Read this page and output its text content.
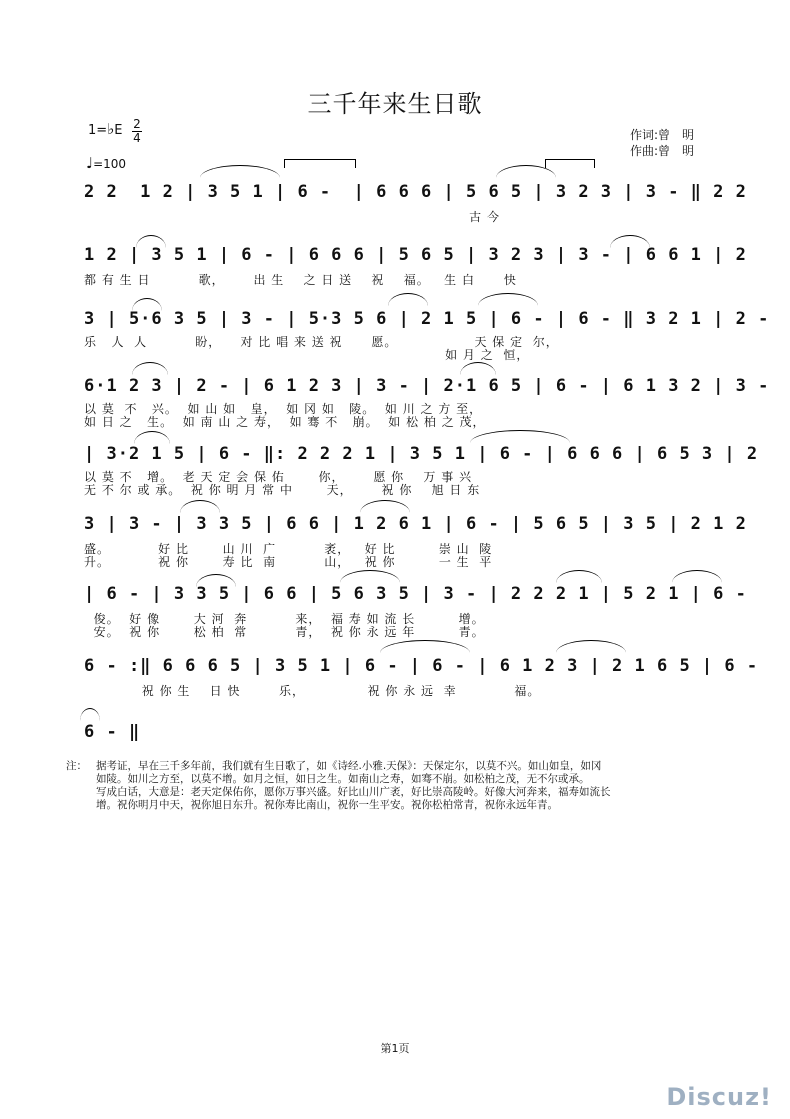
三千年来生日歌
1=♭E 2
4
♩=100
作词:曾　明
作曲:曾　明
2 2  1 2 | 3 5 1 | 6 -  | 6 6 6 | 5 6 5 | 3 2 3 | 3 - ‖ 2 2
古 今
1 2 | 3 5 1 | 6 - | 6 6 6 | 5 6 5 | 3 2 3 | 3 - | 6 6 1 | 2
都 有 生 日          歌，      出 生    之 日 送    祝    福。   生 白      快
3 | 5·6 3 5 | 3 - | 5·3 5 6 | 2 1 5 | 6 - | 6 - ‖ 3 2 1 | 2 -
乐   人  人          盼，    对 比 唱 来 送 祝      愿。                天 保 定  尔，
如 月 之  恒，
6·1 2 3 | 2 - | 6 1 2 3 | 3 - | 2·1 6 5 | 6 - | 6 1 3 2 | 3 -
以 莫  不   兴。  如 山 如   皇，  如 冈 如   陵。  如 川 之 方 至，
如 日 之   生。  如 南 山 之 寿，  如 骞 不   崩。  如 松 柏 之 茂，
| 3·2 1 5 | 6 - ‖: 2 2 2 1 | 3 5 1 | 6 - | 6 6 6 | 6 5 3 | 2
以 莫 不   增。  老 天 定 会 保 佑       你，      愿 你    万 事 兴
无 不 尔 或 承。  祝 你 明 月 常 中       天，      祝 你    旭 日 东
3 | 3 - | 3 3 5 | 6 6 | 1 2 6 1 | 6 - | 5 6 5 | 3 5 | 2 1 2
盛。          好 比       山 川  广          袤，   好 比         崇 山  陵
升。          祝 你       寿 比  南          山，   祝 你         一 生  平
| 6 - | 3 3 5 | 6 6 | 5 6 3 5 | 3 - | 2 2 2 1 | 5 2 1 | 6 -
俊。  好 像       大 河  奔          来，  福 寿 如 流 长         增。
安。  祝 你       松 柏  常          青，  祝 你 永 远 年         青。
6 - :‖ 6 6 6 5 | 3 5 1 | 6 - | 6 - | 6 1 2 3 | 2 1 6 5 | 6 -
祝 你 生    日 快        乐，             祝 你 永 远  幸            福。
6 - ‖
注： 据考证，早在三千多年前，我们就有生日歌了，如《诗经.小雅.天保》：天保定尔，以莫不兴。如山如皇，如冈
如陵。如川之方至，以莫不增。如月之恒，如日之生。如南山之寿，如骞不崩。如松柏之茂，无不尔或承。
写成白话，大意是：老天定保佑你，愿你万事兴盛。好比山川广袤，好比崇高陵岭。好像大河奔来，福寿如流长
增。祝你明月中天，祝你旭日东升。祝你寿比南山，祝你一生平安。祝你松柏常青，祝你永远年青。
第1页
Discuz!
